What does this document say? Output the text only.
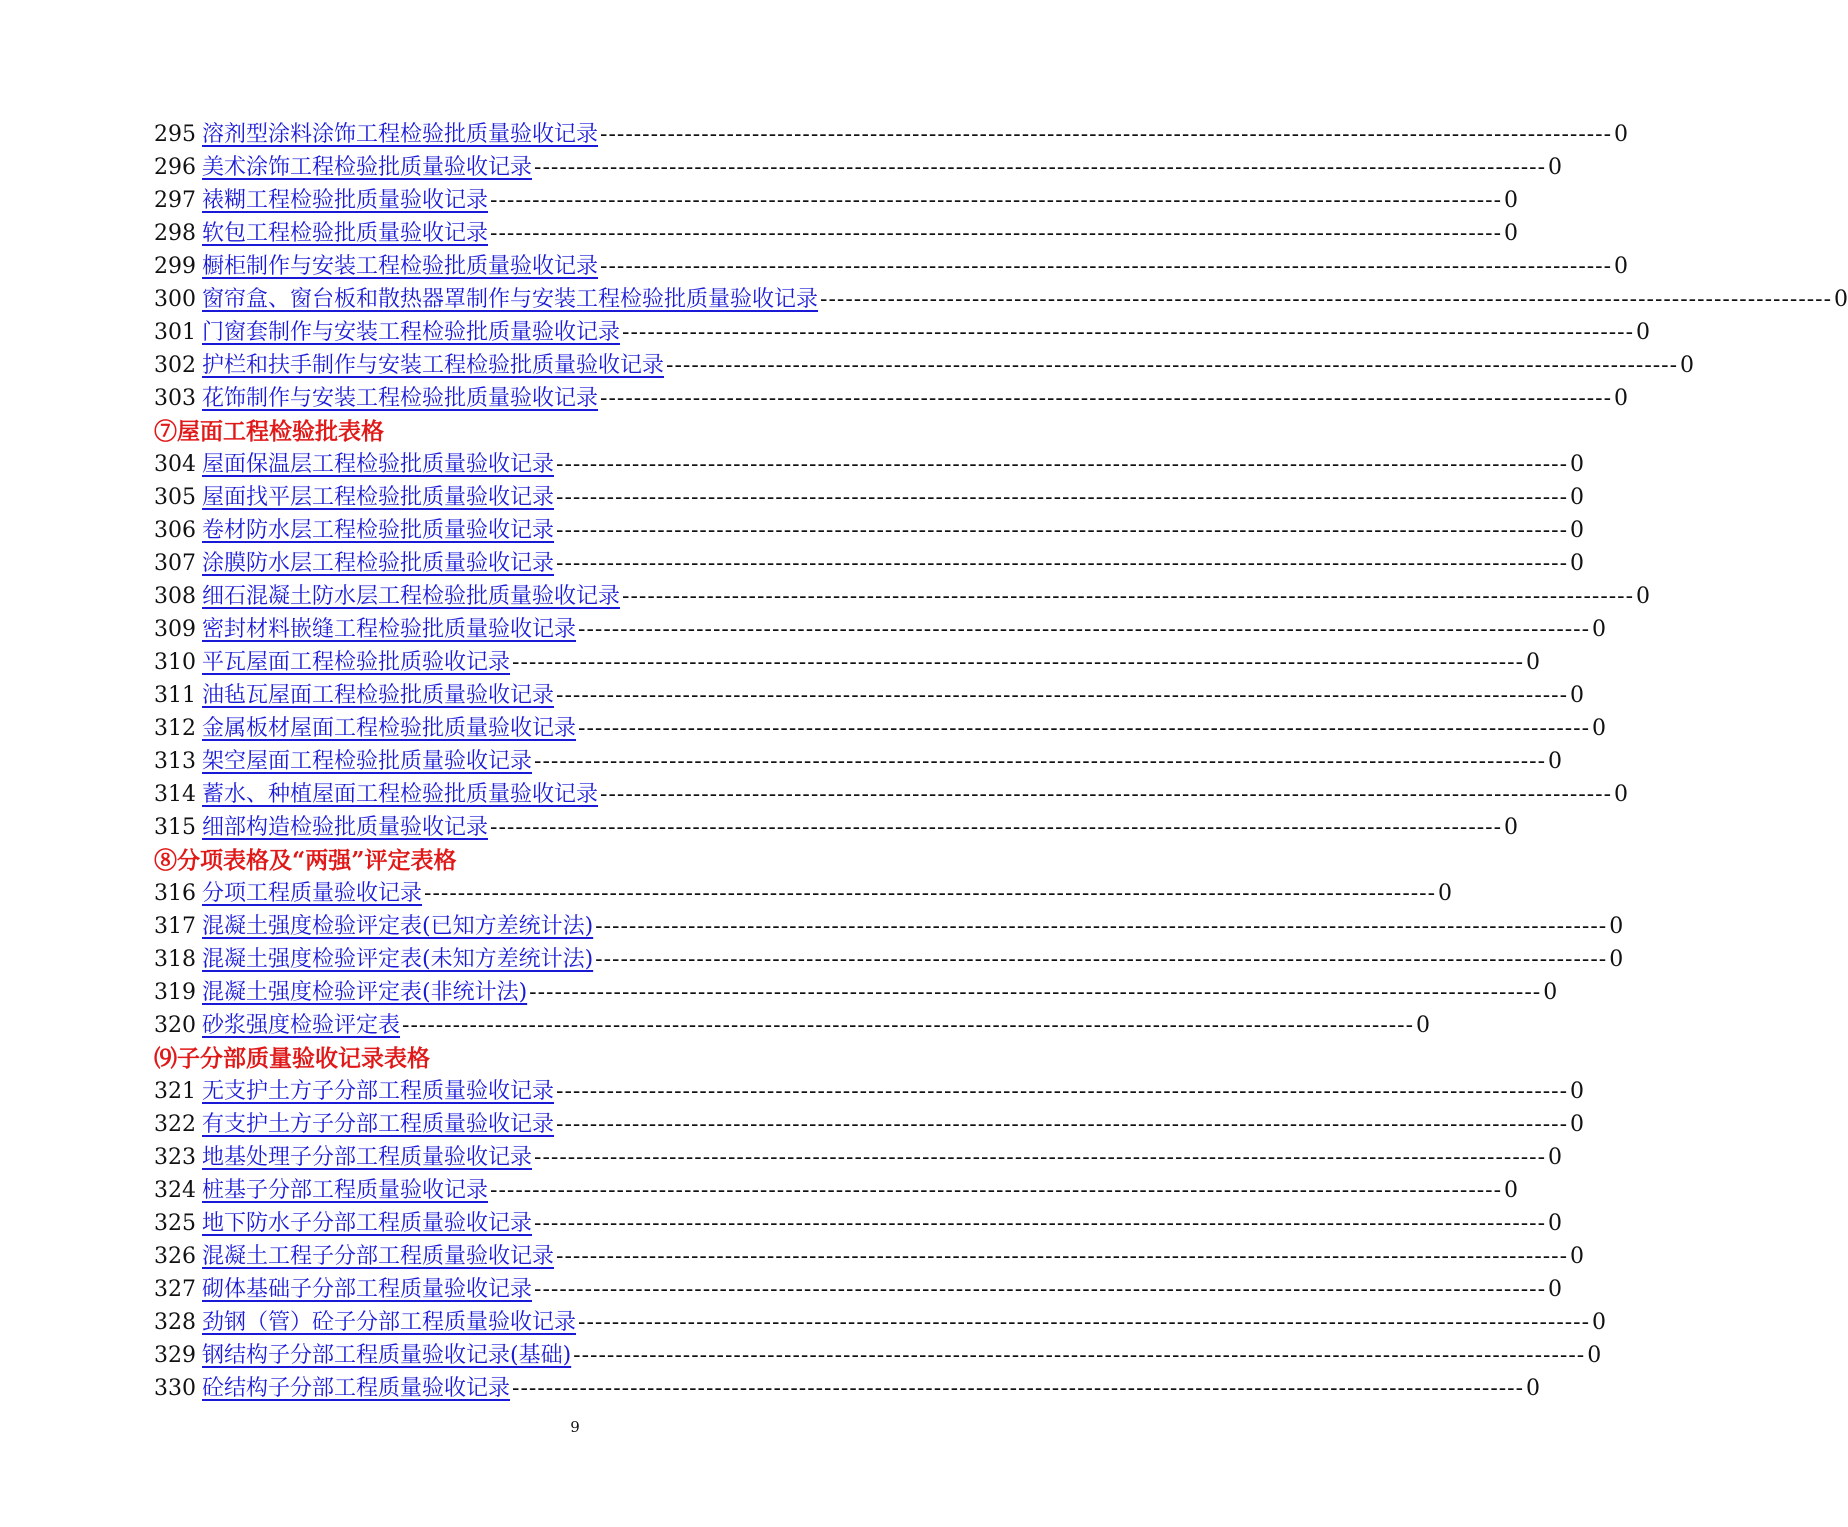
295 溶剂型涂料涂饰工程检验批质量验收记录 ------------------------------------------------------------------------------------------------------------------------ 0
296 美术涂饰工程检验批质量验收记录 ------------------------------------------------------------------------------------------------------------------------ 0
297 裱糊工程检验批质量验收记录 ------------------------------------------------------------------------------------------------------------------------ 0
298 软包工程检验批质量验收记录 ------------------------------------------------------------------------------------------------------------------------ 0
299 橱柜制作与安装工程检验批质量验收记录 ------------------------------------------------------------------------------------------------------------------------ 0
300 窗帘盒、窗台板和散热器罩制作与安装工程检验批质量验收记录 ------------------------------------------------------------------------------------------------------------------------ 0
301 门窗套制作与安装工程检验批质量验收记录 ------------------------------------------------------------------------------------------------------------------------ 0
302 护栏和扶手制作与安装工程检验批质量验收记录 ------------------------------------------------------------------------------------------------------------------------ 0
303 花饰制作与安装工程检验批质量验收记录 ------------------------------------------------------------------------------------------------------------------------ 0
⑦屋面工程检验批表格
304 屋面保温层工程检验批质量验收记录 ------------------------------------------------------------------------------------------------------------------------ 0
305 屋面找平层工程检验批质量验收记录 ------------------------------------------------------------------------------------------------------------------------ 0
306 卷材防水层工程检验批质量验收记录 ------------------------------------------------------------------------------------------------------------------------ 0
307 涂膜防水层工程检验批质量验收记录 ------------------------------------------------------------------------------------------------------------------------ 0
308 细石混凝土防水层工程检验批质量验收记录 ------------------------------------------------------------------------------------------------------------------------ 0
309 密封材料嵌缝工程检验批质量验收记录 ------------------------------------------------------------------------------------------------------------------------ 0
310 平瓦屋面工程检验批质验收记录 ------------------------------------------------------------------------------------------------------------------------ 0
311 油毡瓦屋面工程检验批质量验收记录 ------------------------------------------------------------------------------------------------------------------------ 0
312 金属板材屋面工程检验批质量验收记录 ------------------------------------------------------------------------------------------------------------------------ 0
313 架空屋面工程检验批质量验收记录 ------------------------------------------------------------------------------------------------------------------------ 0
314 蓄水、种植屋面工程检验批质量验收记录 ------------------------------------------------------------------------------------------------------------------------ 0
315 细部构造检验批质量验收记录 ------------------------------------------------------------------------------------------------------------------------ 0
⑧分项表格及“两强”评定表格
316 分项工程质量验收记录 ------------------------------------------------------------------------------------------------------------------------ 0
317 混凝土强度检验评定表(已知方差统计法) ------------------------------------------------------------------------------------------------------------------------ 0
318 混凝土强度检验评定表(未知方差统计法) ------------------------------------------------------------------------------------------------------------------------ 0
319 混凝土强度检验评定表(非统计法) ------------------------------------------------------------------------------------------------------------------------ 0
320 砂浆强度检验评定表 ------------------------------------------------------------------------------------------------------------------------ 0
⑼子分部质量验收记录表格
321 无支护土方子分部工程质量验收记录 ------------------------------------------------------------------------------------------------------------------------ 0
322 有支护土方子分部工程质量验收记录 ------------------------------------------------------------------------------------------------------------------------ 0
323 地基处理子分部工程质量验收记录 ------------------------------------------------------------------------------------------------------------------------ 0
324 桩基子分部工程质量验收记录 ------------------------------------------------------------------------------------------------------------------------ 0
325 地下防水子分部工程质量验收记录 ------------------------------------------------------------------------------------------------------------------------ 0
326 混凝土工程子分部工程质量验收记录 ------------------------------------------------------------------------------------------------------------------------ 0
327 砌体基础子分部工程质量验收记录 ------------------------------------------------------------------------------------------------------------------------ 0
328 劲钢（管）砼子分部工程质量验收记录 ------------------------------------------------------------------------------------------------------------------------ 0
329 钢结构子分部工程质量验收记录(基础) ------------------------------------------------------------------------------------------------------------------------ 0
330 砼结构子分部工程质量验收记录 ------------------------------------------------------------------------------------------------------------------------ 0
9
